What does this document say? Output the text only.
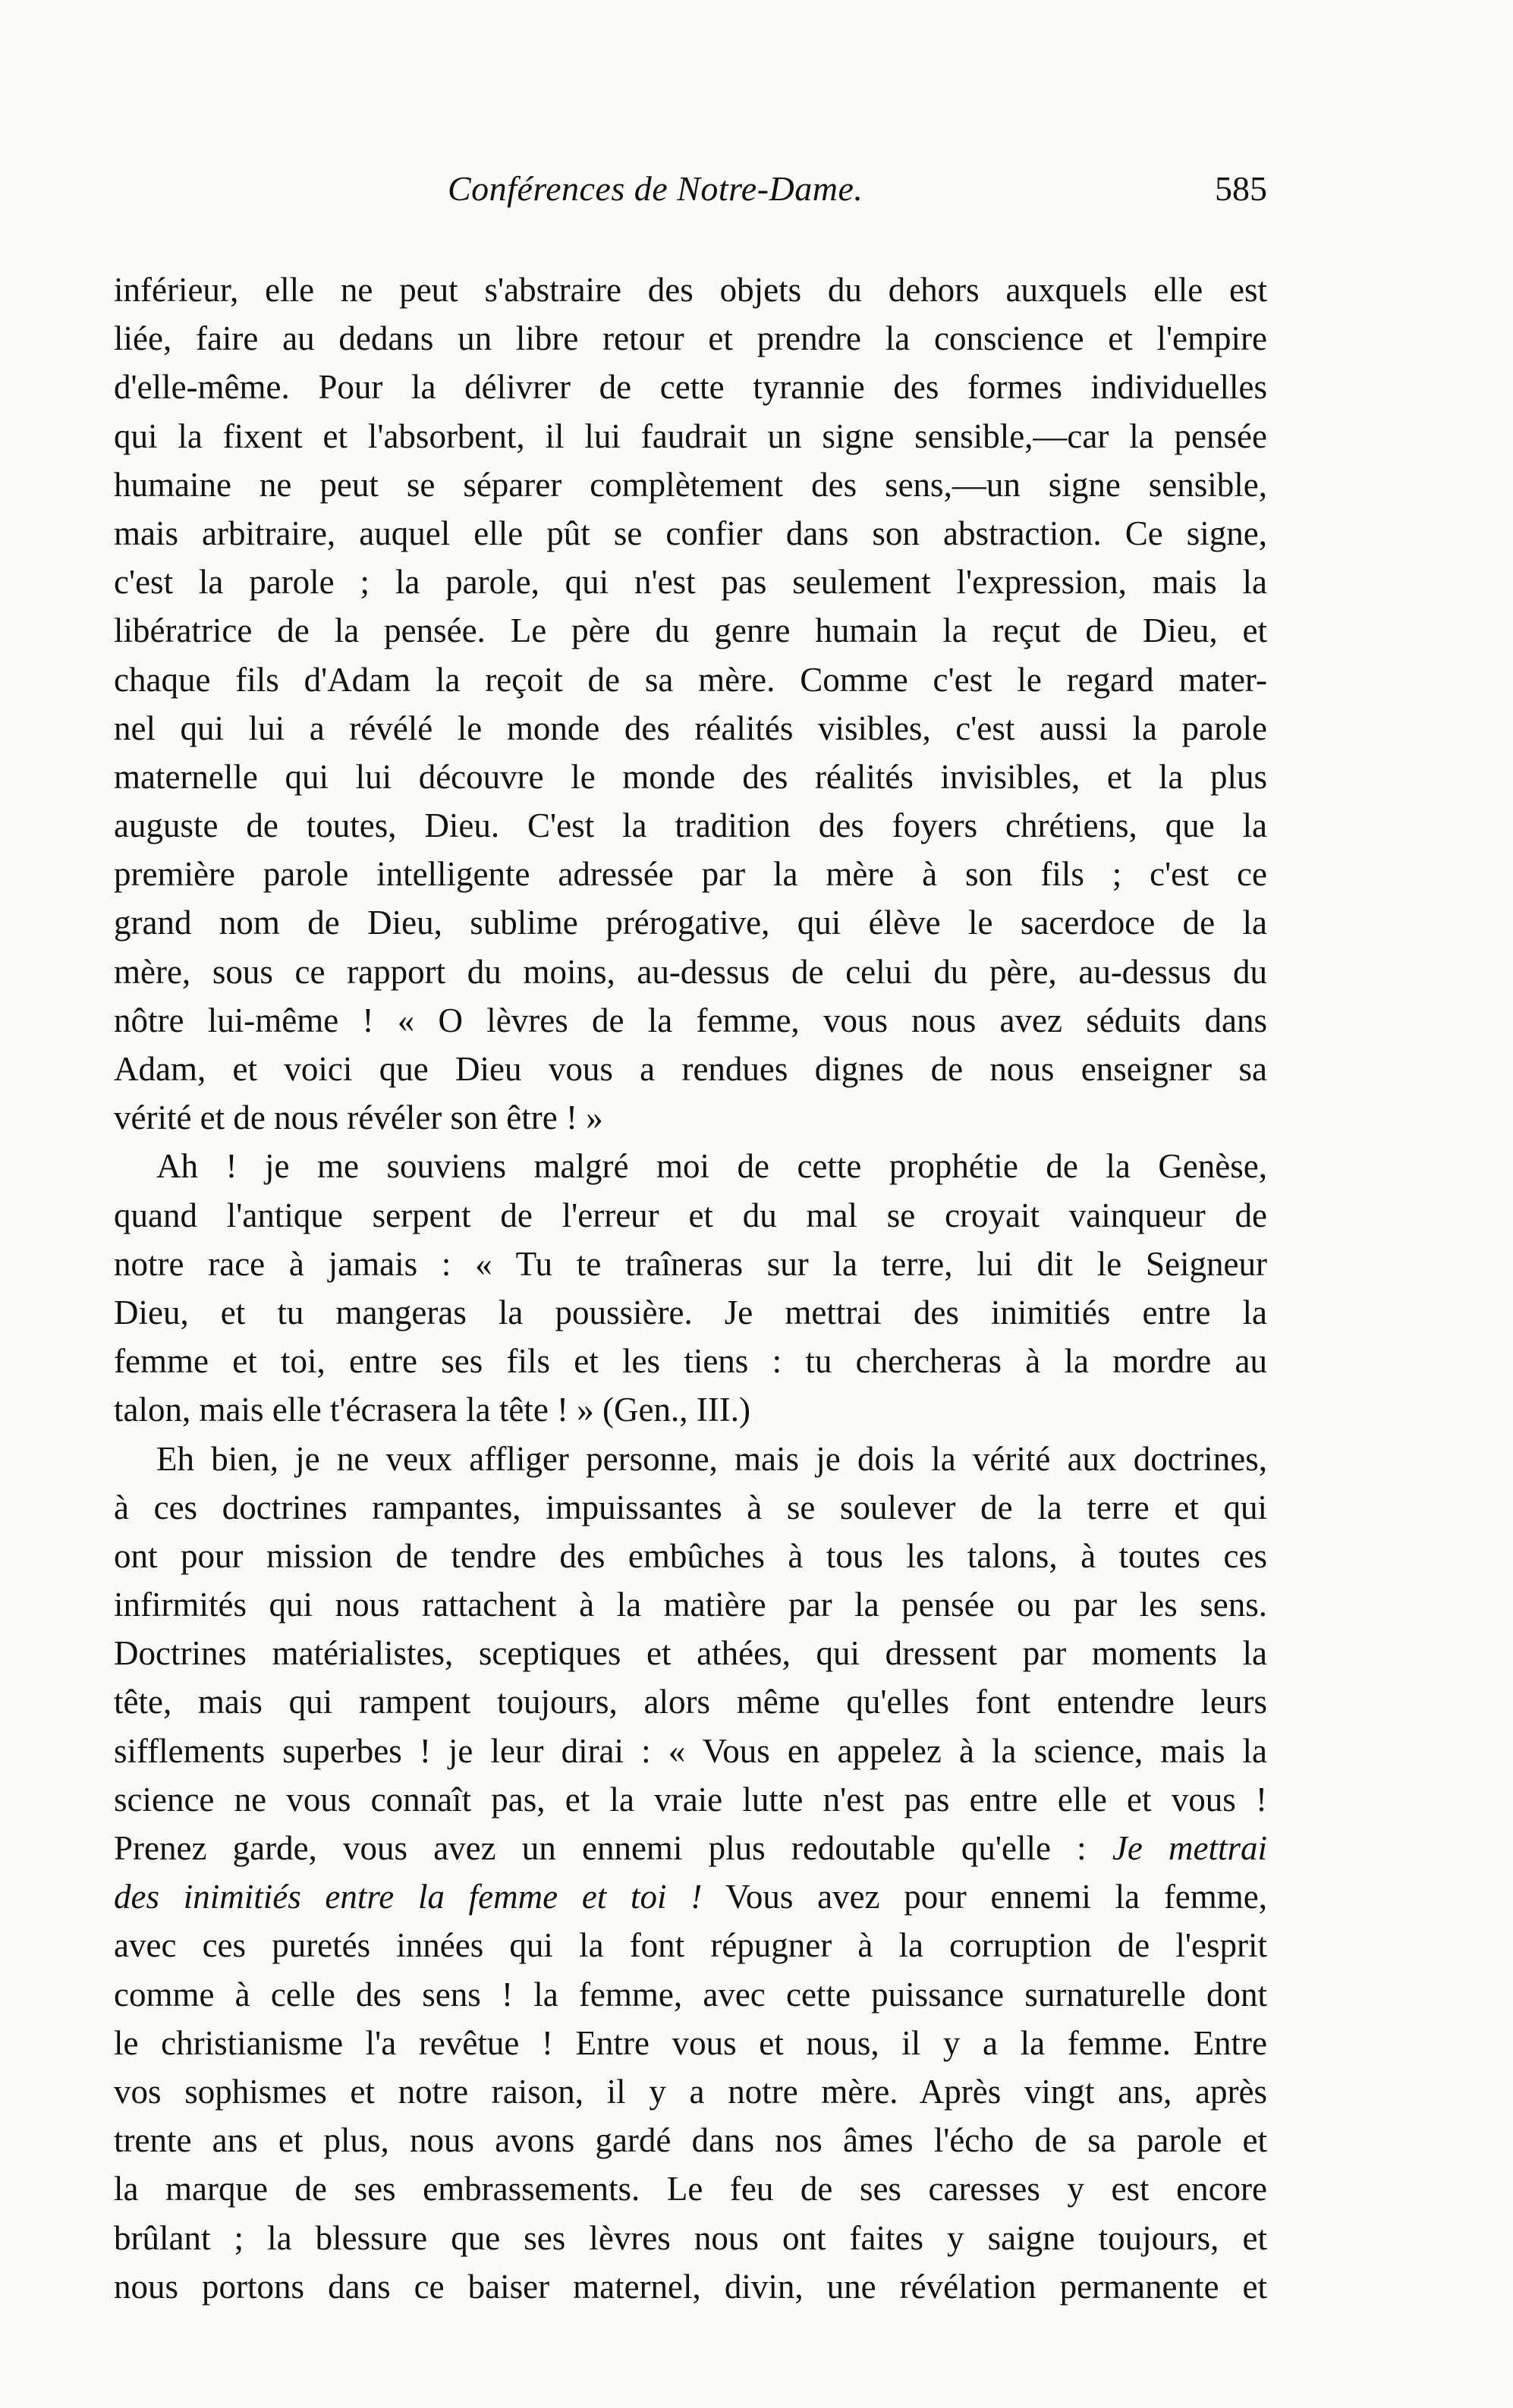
Conférences de Notre-Dame.	585
inférieur, elle ne peut s'abstraire des objets du dehors auxquels elle est
liée, faire au dedans un libre retour et prendre la conscience et l'empire
d'elle-même. Pour la délivrer de cette tyrannie des formes individuelles
qui la fixent et l'absorbent, il lui faudrait un signe sensible,—car la pensée
humaine ne peut se séparer complètement des sens,—un signe sensible,
mais arbitraire, auquel elle pût se confier dans son abstraction. Ce signe,
c'est la parole ; la parole, qui n'est pas seulement l'expression, mais la
libératrice de la pensée. Le père du genre humain la reçut de Dieu, et
chaque fils d'Adam la reçoit de sa mère. Comme c'est le regard mater-
nel qui lui a révélé le monde des réalités visibles, c'est aussi la parole
maternelle qui lui découvre le monde des réalités invisibles, et la plus
auguste de toutes, Dieu. C'est la tradition des foyers chrétiens, que la
première parole intelligente adressée par la mère à son fils ; c'est ce
grand nom de Dieu, sublime prérogative, qui élève le sacerdoce de la
mère, sous ce rapport du moins, au-dessus de celui du père, au-dessus du
nôtre lui-même ! « O lèvres de la femme, vous nous avez séduits dans
Adam, et voici que Dieu vous a rendues dignes de nous enseigner sa
vérité et de nous révéler son être ! »
Ah ! je me souviens malgré moi de cette prophétie de la Genèse,
quand l'antique serpent de l'erreur et du mal se croyait vainqueur de
notre race à jamais : « Tu te traîneras sur la terre, lui dit le Seigneur
Dieu, et tu mangeras la poussière. Je mettrai des inimitiés entre la
femme et toi, entre ses fils et les tiens : tu chercheras à la mordre au
talon, mais elle t'écrasera la tête ! » (Gen., III.)
Eh bien, je ne veux affliger personne, mais je dois la vérité aux doctrines,
à ces doctrines rampantes, impuissantes à se soulever de la terre et qui
ont pour mission de tendre des embûches à tous les talons, à toutes ces
infirmités qui nous rattachent à la matière par la pensée ou par les sens.
Doctrines matérialistes, sceptiques et athées, qui dressent par moments la
tête, mais qui rampent toujours, alors même qu'elles font entendre leurs
sifflements superbes ! je leur dirai : « Vous en appelez à la science, mais la
science ne vous connaît pas, et la vraie lutte n'est pas entre elle et vous !
Prenez garde, vous avez un ennemi plus redoutable qu'elle : Je mettrai
des inimitiés entre la femme et toi ! Vous avez pour ennemi la femme,
avec ces puretés innées qui la font répugner à la corruption de l'esprit
comme à celle des sens ! la femme, avec cette puissance surnaturelle dont
le christianisme l'a revêtue ! Entre vous et nous, il y a la femme. Entre
vos sophismes et notre raison, il y a notre mère. Après vingt ans, après
trente ans et plus, nous avons gardé dans nos âmes l'écho de sa parole et
la marque de ses embrassements. Le feu de ses caresses y est encore
brûlant ; la blessure que ses lèvres nous ont faites y saigne toujours, et
nous portons dans ce baiser maternel, divin, une révélation permanente et
